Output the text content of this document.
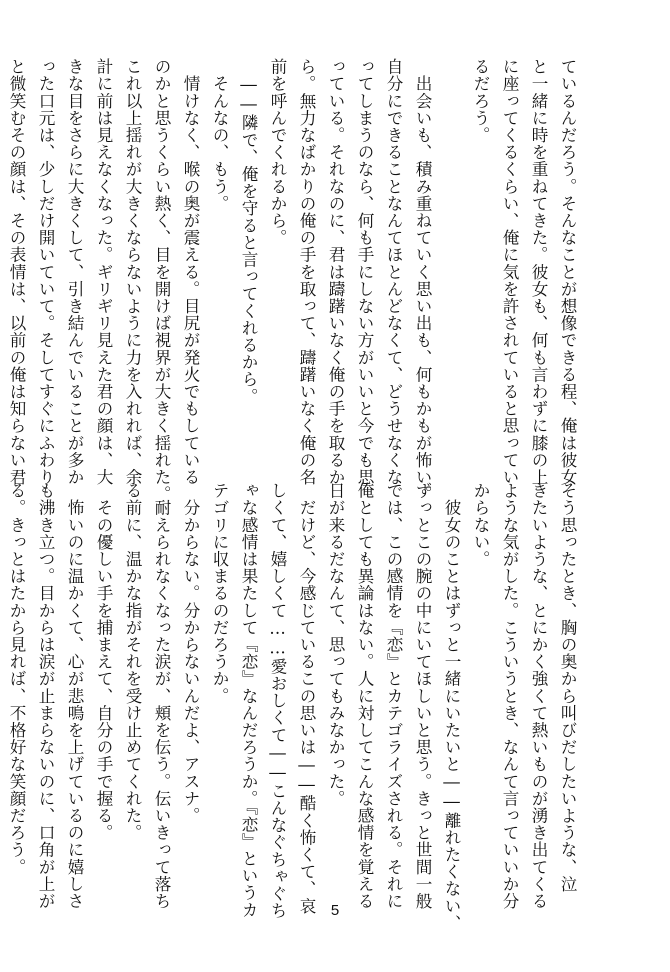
ているんだろう。そんなことが想像できる程、俺は彼女
と一緒に時を重ねてきた。彼女も、何も言わずに膝の上
に座ってくるくらい、俺に気を許されていると思ってい
るだろう。

　出会いも、積み重ねていく思い出も、何もかもが怖い。
自分にできることなんてほとんどなくて、どうせなくな
ってしまうのなら、何も手にしない方がいいと今でも思
っている。それなのに、君は躊躇いなく俺の手を取るか
ら。無力なばかりの俺の手を取って、躊躇いなく俺の名
前を呼んでくれるから。
　――隣で、俺を守ると言ってくれるから。
　そんなの、もう。
　情けなく、喉の奥が震える。目尻が発火でもしている
のかと思うくらい熱く、目を開けば視界が大きく揺れた。
これ以上揺れが大きくならないように力を入れれば、余
計に前は見えなくなった。ギリギリ見えた君の顔は、大
きな目をさらに大きくして、引き結んでいることが多か
った口元は、少しだけ開いていて。そしてすぐにふわり
と微笑むその顔は、その表情は、以前の俺は知らない君
そう思ったとき、胸の奥から叫びだしたいような、泣
きたいような、とにかく強くて熱いものが湧き出てくる
ような気がした。こういうとき、なんて言っていいか分
からない。
　彼女のことはずっと一緒にいたいと――離れたくない、
ずっとこの腕の中にいてほしいと思う。きっと世間一般
では、この感情を『恋』とカテゴライズされる。それに
俺としても異論はない。人に対してこんな感情を覚える
日が来るだなんて、思ってもみなかった。
　だけど、今感じているこの思いは――酷く怖くて、哀
しくて、嬉しくて……愛おしくて――こんなぐちゃぐち
ゃな感情は果たして『恋』なんだろうか。『恋』というカ
テゴリに収まるのだろうか。
　分からない。分からないんだよ、アスナ。
　耐えられなくなった涙が、頬を伝う。伝いきって落ち
る前に、温かな指がそれを受け止めてくれた。
　その優しい手を捕まえて、自分の手で握る。
　怖いのに温かくて、心が悲鳴を上げているのに嬉しさ
も沸き立つ。目からは涙が止まらないのに、口角が上が
る。きっとはたから見れば、不格好な笑顔だろう。

5
